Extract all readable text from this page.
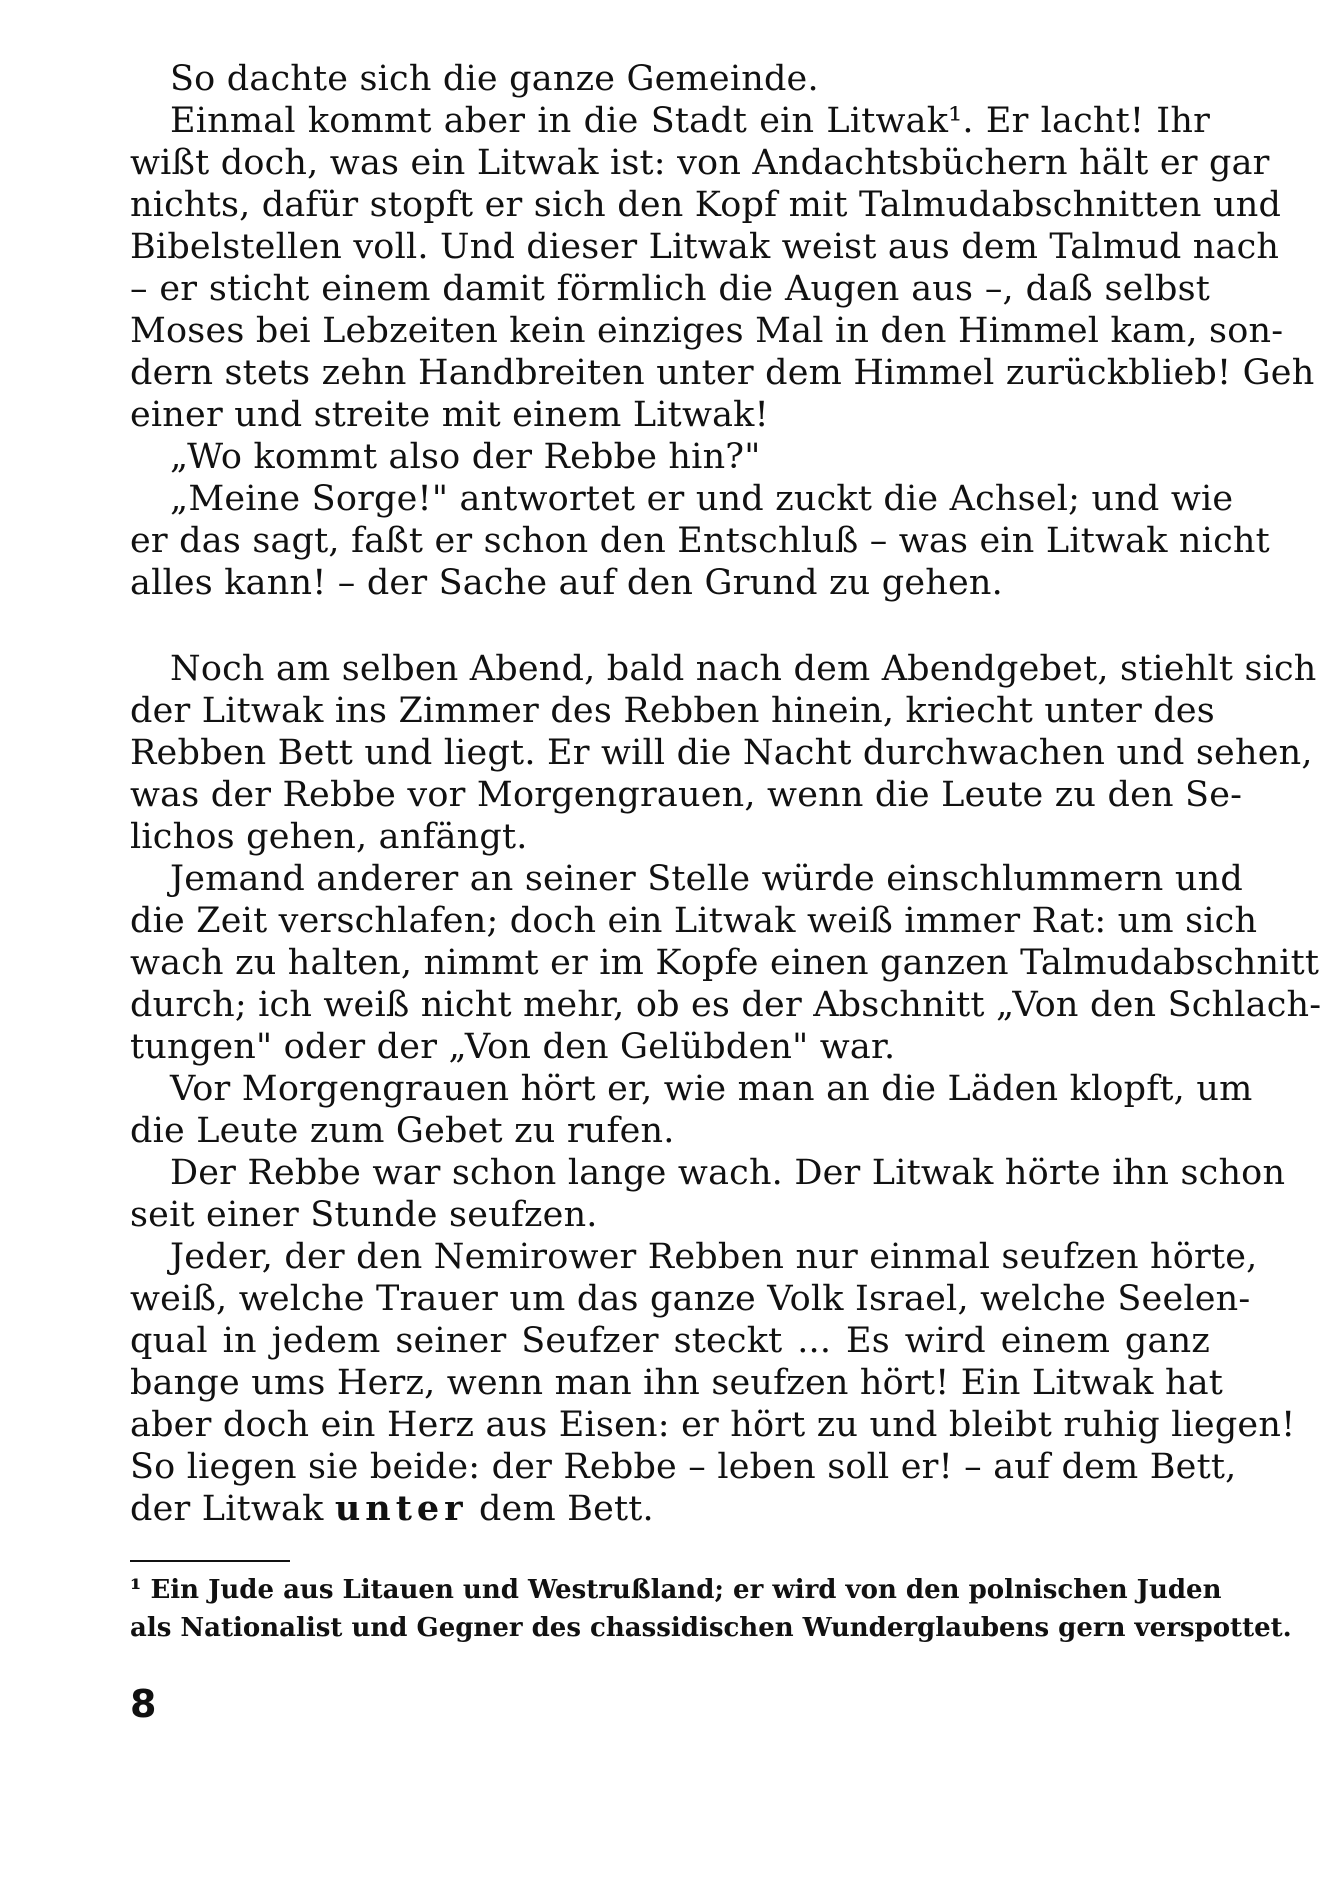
So dachte sich die ganze Gemeinde.
Einmal kommt aber in die Stadt ein Litwak¹. Er lacht! Ihr
wißt doch, was ein Litwak ist: von Andachtsbüchern hält er gar
nichts, dafür stopft er sich den Kopf mit Talmudabschnitten und
Bibelstellen voll. Und dieser Litwak weist aus dem Talmud nach
– er sticht einem damit förmlich die Augen aus –, daß selbst
Moses bei Lebzeiten kein einziges Mal in den Himmel kam, son-
dern stets zehn Handbreiten unter dem Himmel zurückblieb! Geh
einer und streite mit einem Litwak!
„Wo kommt also der Rebbe hin?"
„Meine Sorge!" antwortet er und zuckt die Achsel; und wie
er das sagt, faßt er schon den Entschluß – was ein Litwak nicht
alles kann! – der Sache auf den Grund zu gehen.
Noch am selben Abend, bald nach dem Abendgebet, stiehlt sich
der Litwak ins Zimmer des Rebben hinein, kriecht unter des
Rebben Bett und liegt. Er will die Nacht durchwachen und sehen,
was der Rebbe vor Morgengrauen, wenn die Leute zu den Se-
lichos gehen, anfängt.
Jemand anderer an seiner Stelle würde einschlummern und
die Zeit verschlafen; doch ein Litwak weiß immer Rat: um sich
wach zu halten, nimmt er im Kopfe einen ganzen Talmudabschnitt
durch; ich weiß nicht mehr, ob es der Abschnitt „Von den Schlach-
tungen" oder der „Von den Gelübden" war.
Vor Morgengrauen hört er, wie man an die Läden klopft, um
die Leute zum Gebet zu rufen.
Der Rebbe war schon lange wach. Der Litwak hörte ihn schon
seit einer Stunde seufzen.
Jeder, der den Nemirower Rebben nur einmal seufzen hörte,
weiß, welche Trauer um das ganze Volk Israel, welche Seelen-
qual in jedem seiner Seufzer steckt ... Es wird einem ganz
bange ums Herz, wenn man ihn seufzen hört! Ein Litwak hat
aber doch ein Herz aus Eisen: er hört zu und bleibt ruhig liegen!
So liegen sie beide: der Rebbe – leben soll er! – auf dem Bett,
der Litwak unter dem Bett.
¹ Ein Jude aus Litauen und Westrußland; er wird von den polnischen Juden
als Nationalist und Gegner des chassidischen Wunderglaubens gern verspottet.
8
